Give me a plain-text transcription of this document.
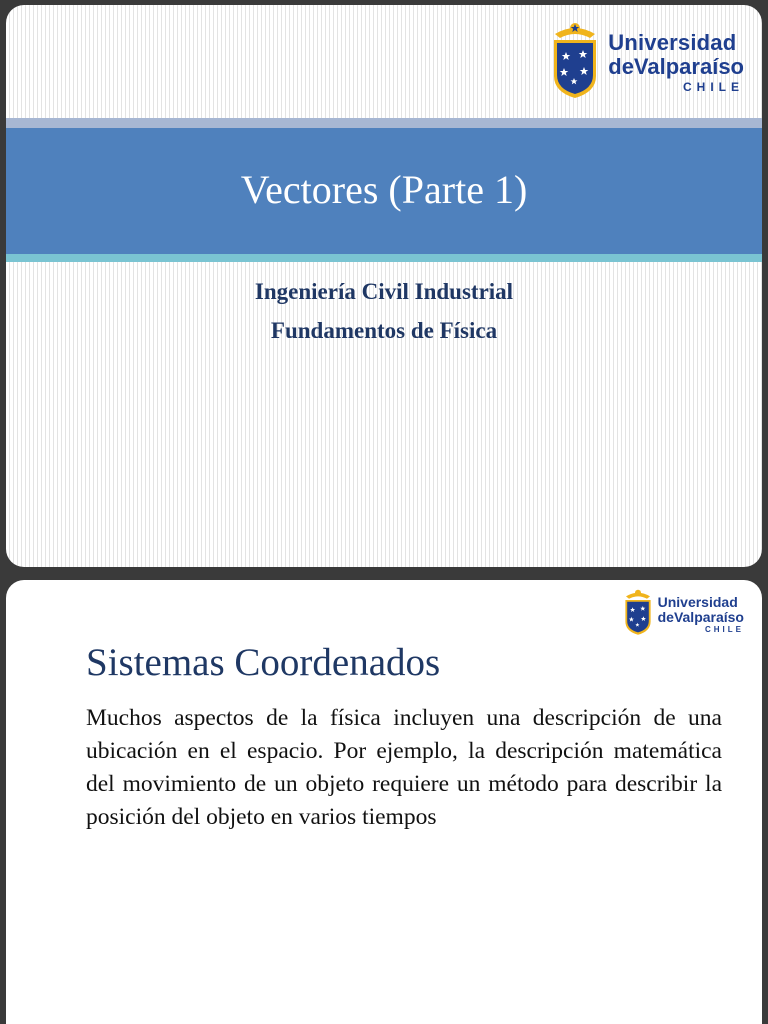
Universidad
deValparaíso
CHILE
Vectores (Parte 1)
Ingeniería Civil Industrial
Fundamentos de Física
Universidad
deValparaíso
CHILE
Sistemas Coordenados
Muchos aspectos de la física incluyen una descripción de una ubicación en el espacio. Por ejemplo, la descripción matemática del movimiento de un objeto requiere un método para describir la posición del objeto en varios tiempos
